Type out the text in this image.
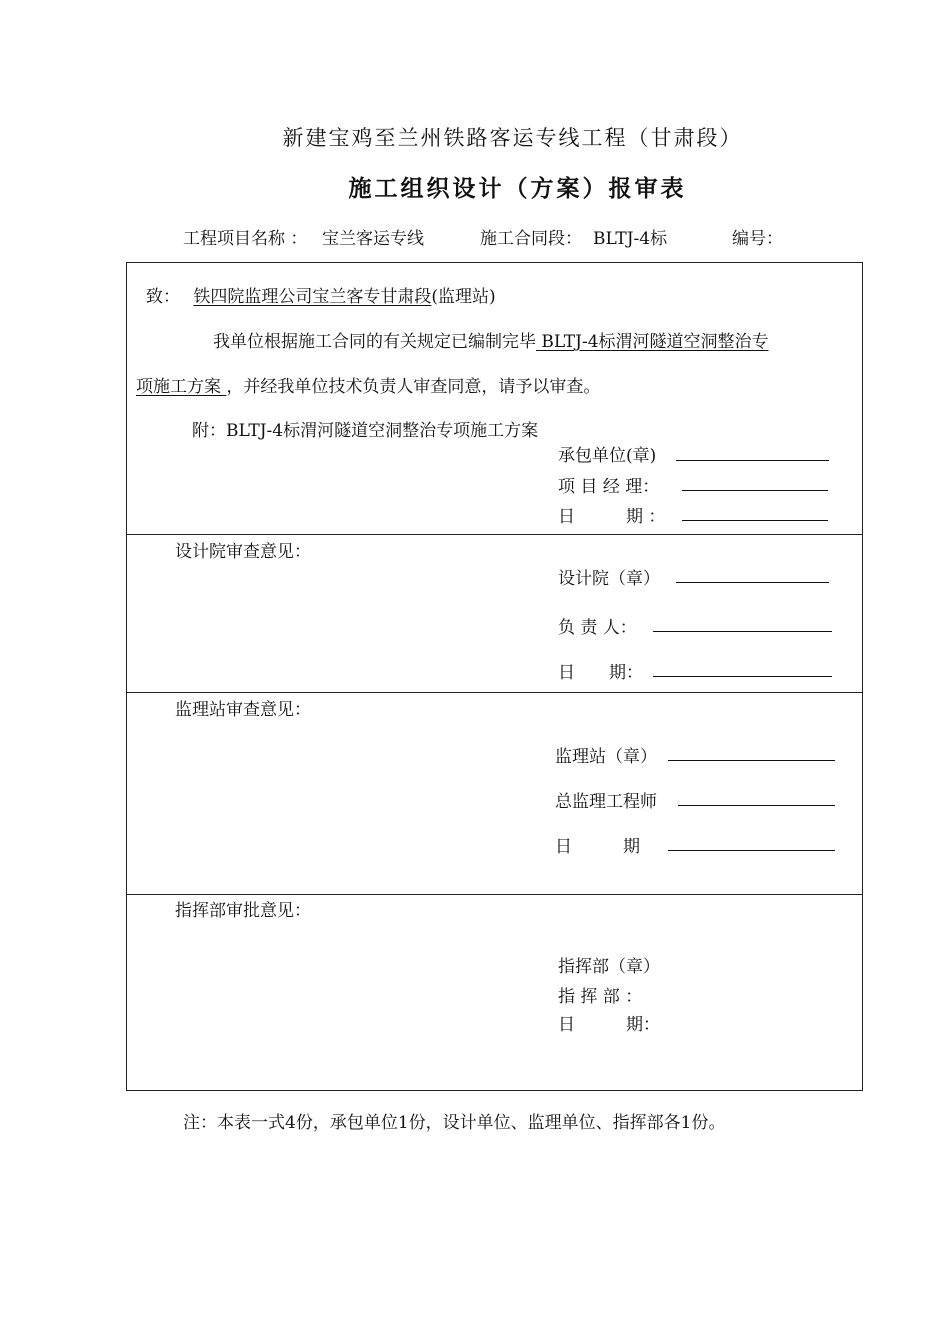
新建宝鸡至兰州铁路客运专线工程（甘肃段）
施工组织设计（方案）报审表
工程项目名称 ： 宝兰客运专线	施工合同段： BLTJ-4标	编号：
致： 铁四院监理公司宝兰客专甘肃段(监理站)
我单位根据施工合同的有关规定已编制完毕 BLTJ-4标渭河隧道空洞整治专
项施工方案 ，并经我单位技术负责人审查同意，请予以审查。
附：BLTJ-4标渭河隧道空洞整治专项施工方案
承包单位(章)
项 目 经 理：
日　　　期 ：
设计院审查意见：
设计院（章）
负 责 人：
日　　期：
监理站审查意见：
监理站（章）
总监理工程师
日　　　期
指挥部审批意见：
指挥部（章）
指 挥 部 ：
日　　　期：
注：本表一式4份，承包单位1份，设计单位、监理单位、指挥部各1份。
